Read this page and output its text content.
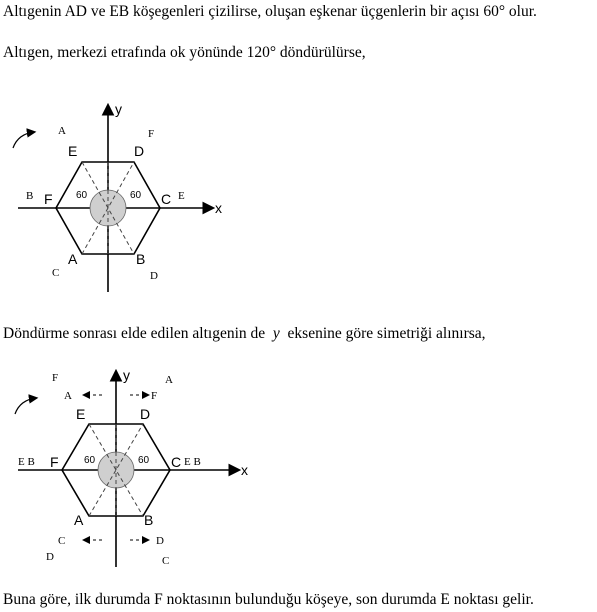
Altıgenin AD ve EB köşegenleri çizilirse, oluşan eşkenar üçgenlerin bir açısı 60° olur.
Altıgen, merkezi etrafında ok yönünde 120° döndürülürse,
x
y
E	D
F	C
A	B
60	60
A	F
B	E
C	D
Döndürme sonrası elde edilen altıgenin de y eksenine göre simetriği alınırsa,
x
y
E	D
F	C
A	B
60	60
F	A
A	F
E B	E B
C	D
D	C
Buna göre, ilk durumda F noktasının bulunduğu köşeye, son durumda E noktası gelir.
